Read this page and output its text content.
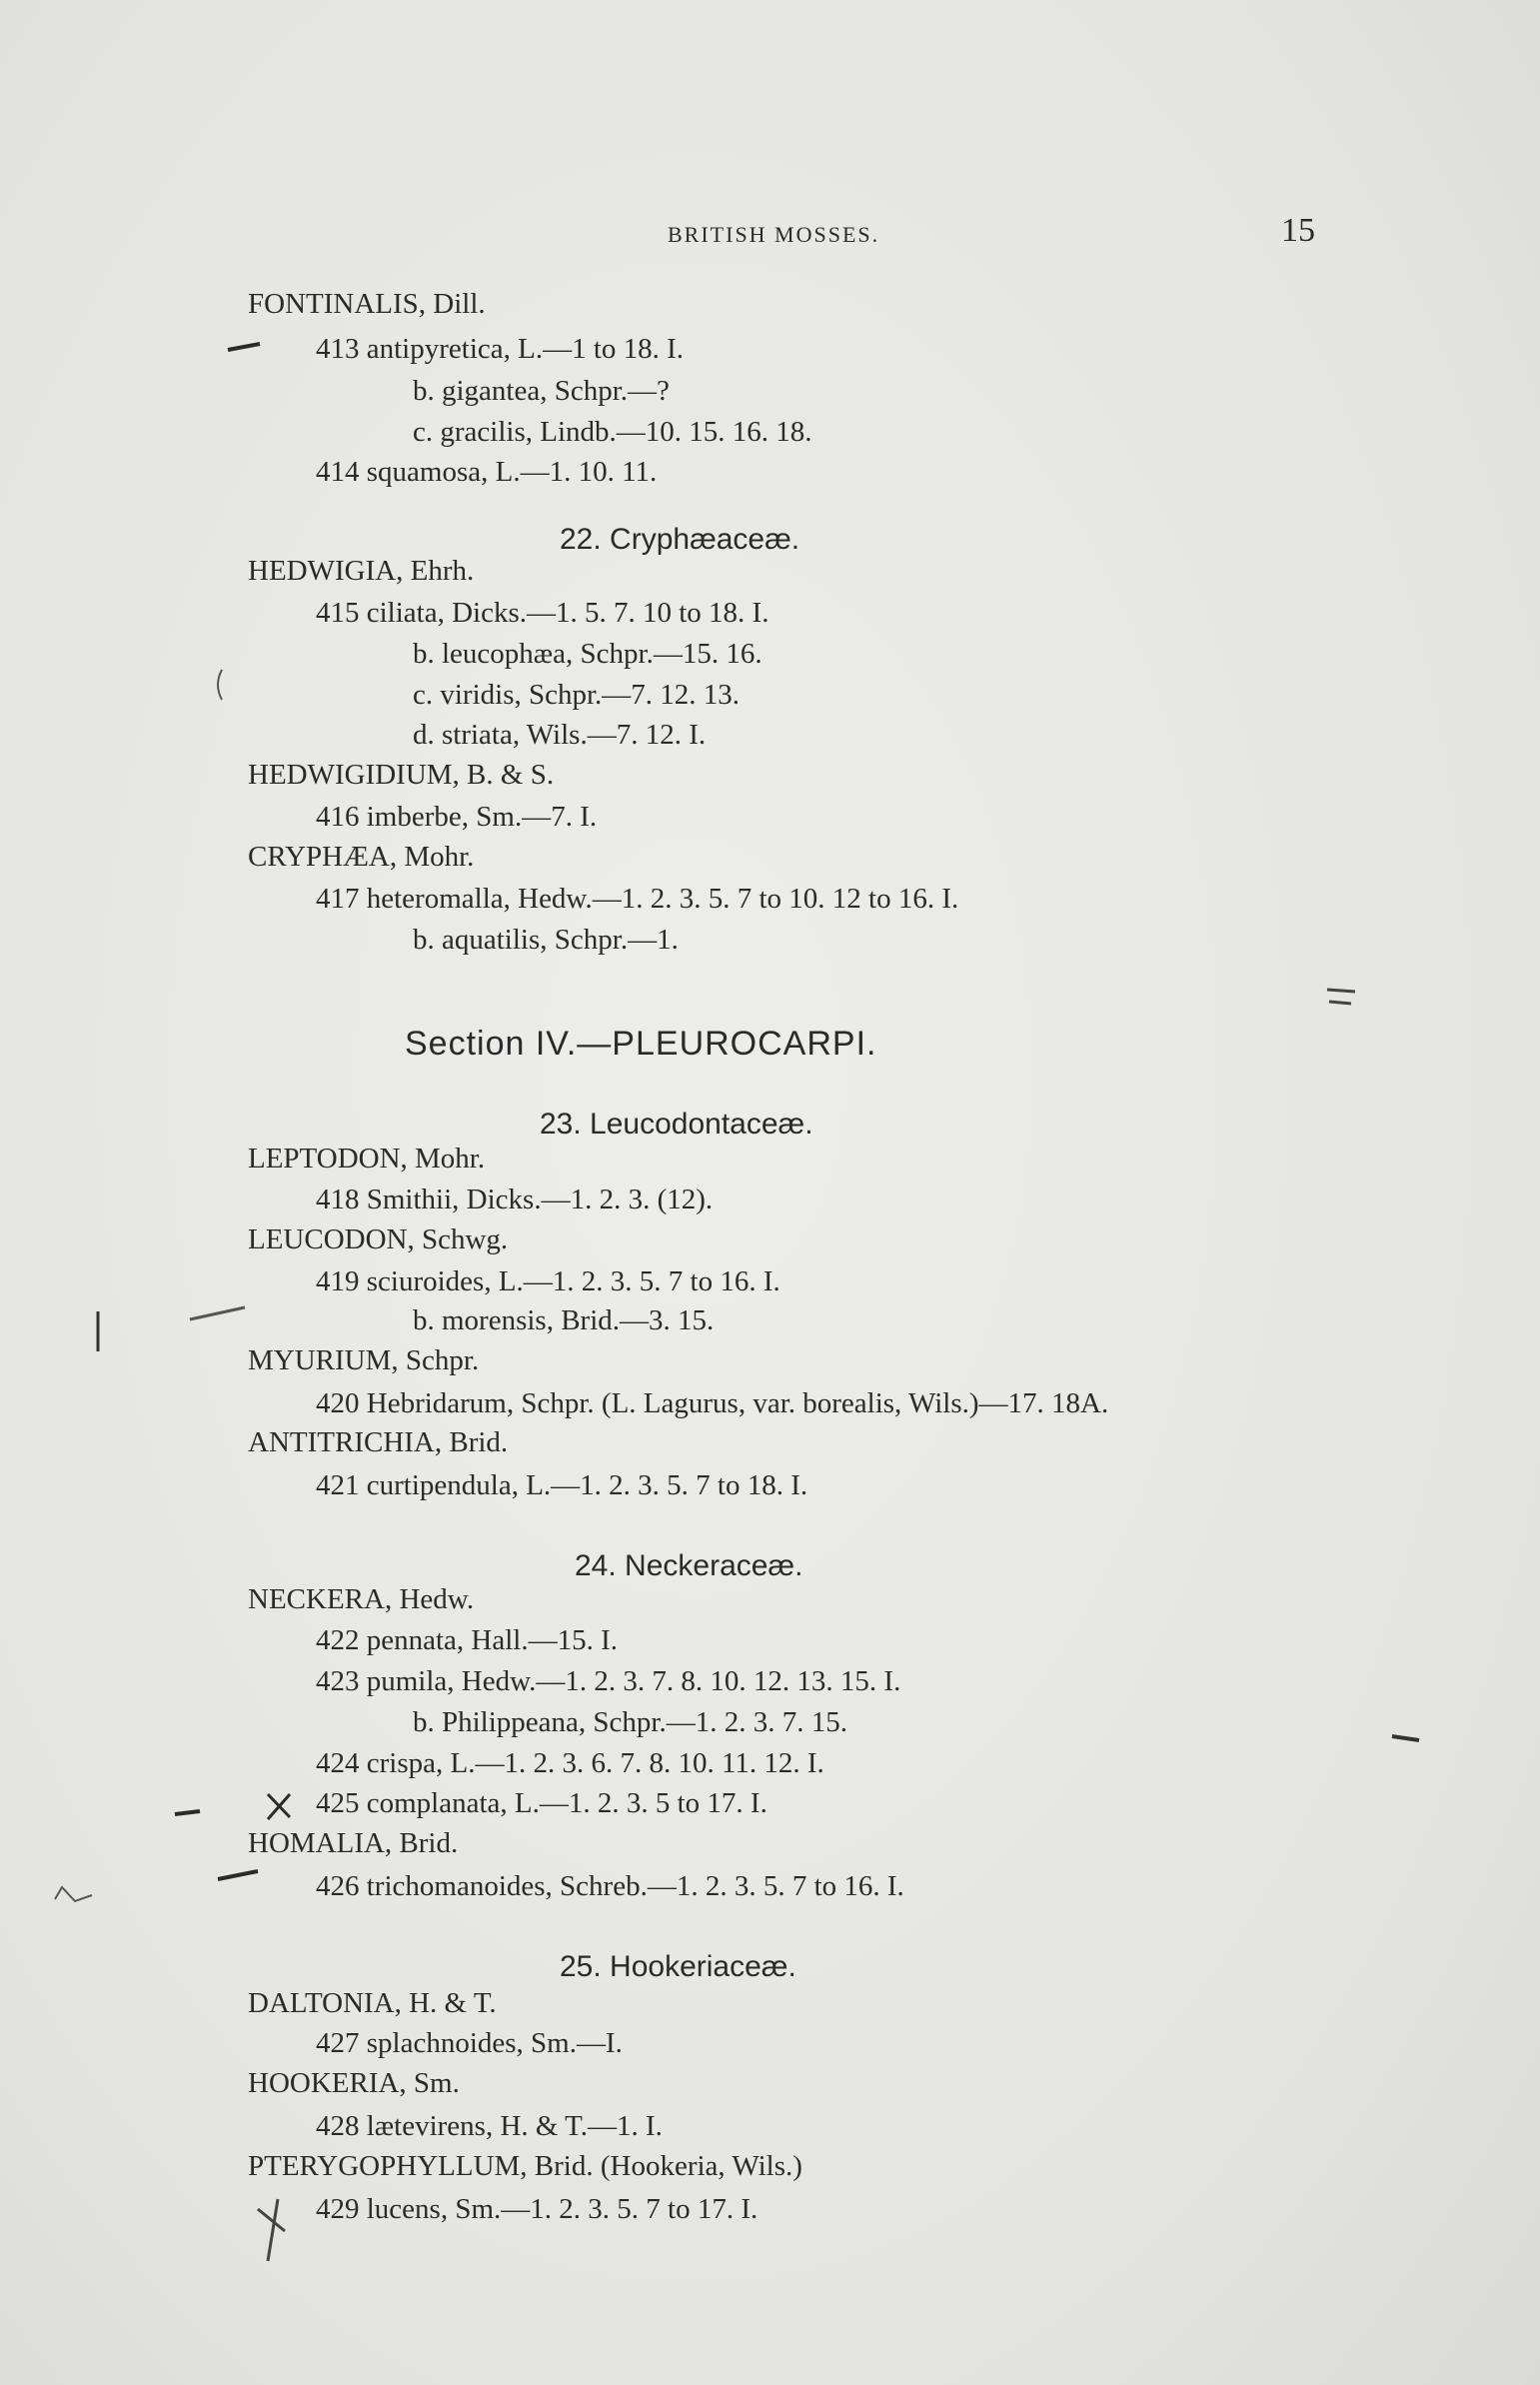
BRITISH MOSSES.	15
FONTINALIS, Dill.
413 antipyretica, L.—1 to 18. I.
b. gigantea, Schpr.—?
c. gracilis, Lindb.—10. 15. 16. 18.
414 squamosa, L.—1. 10. 11.
22. Cryphæaceæ.
HEDWIGIA, Ehrh.
415 ciliata, Dicks.—1. 5. 7. 10 to 18. I.
b. leucophæa, Schpr.—15. 16.
c. viridis, Schpr.—7. 12. 13.
d. striata, Wils.—7. 12. I.
HEDWIGIDIUM, B. & S.
416 imberbe, Sm.—7. I.
CRYPHÆA, Mohr.
417 heteromalla, Hedw.—1. 2. 3. 5. 7 to 10. 12 to 16. I.
b. aquatilis, Schpr.—1.
Section IV.—PLEUROCARPI.
23. Leucodontaceæ.
LEPTODON, Mohr.
418 Smithii, Dicks.—1. 2. 3. (12).
LEUCODON, Schwg.
419 sciuroides, L.—1. 2. 3. 5. 7 to 16. I.
b. morensis, Brid.—3. 15.
MYURIUM, Schpr.
420 Hebridarum, Schpr. (L. Lagurus, var. borealis, Wils.)—17. 18A.
ANTITRICHIA, Brid.
421 curtipendula, L.—1. 2. 3. 5. 7 to 18. I.
24. Neckeraceæ.
NECKERA, Hedw.
422 pennata, Hall.—15. I.
423 pumila, Hedw.—1. 2. 3. 7. 8. 10. 12. 13. 15. I.
b. Philippeana, Schpr.—1. 2. 3. 7. 15.
424 crispa, L.—1. 2. 3. 6. 7. 8. 10. 11. 12. I.
425 complanata, L.—1. 2. 3. 5 to 17. I.
HOMALIA, Brid.
426 trichomanoides, Schreb.—1. 2. 3. 5. 7 to 16. I.
25. Hookeriaceæ.
DALTONIA, H. & T.
427 splachnoides, Sm.—I.
HOOKERIA, Sm.
428 lætevirens, H. & T.—1. I.
PTERYGOPHYLLUM, Brid. (Hookeria, Wils.)
429 lucens, Sm.—1. 2. 3. 5. 7 to 17. I.
